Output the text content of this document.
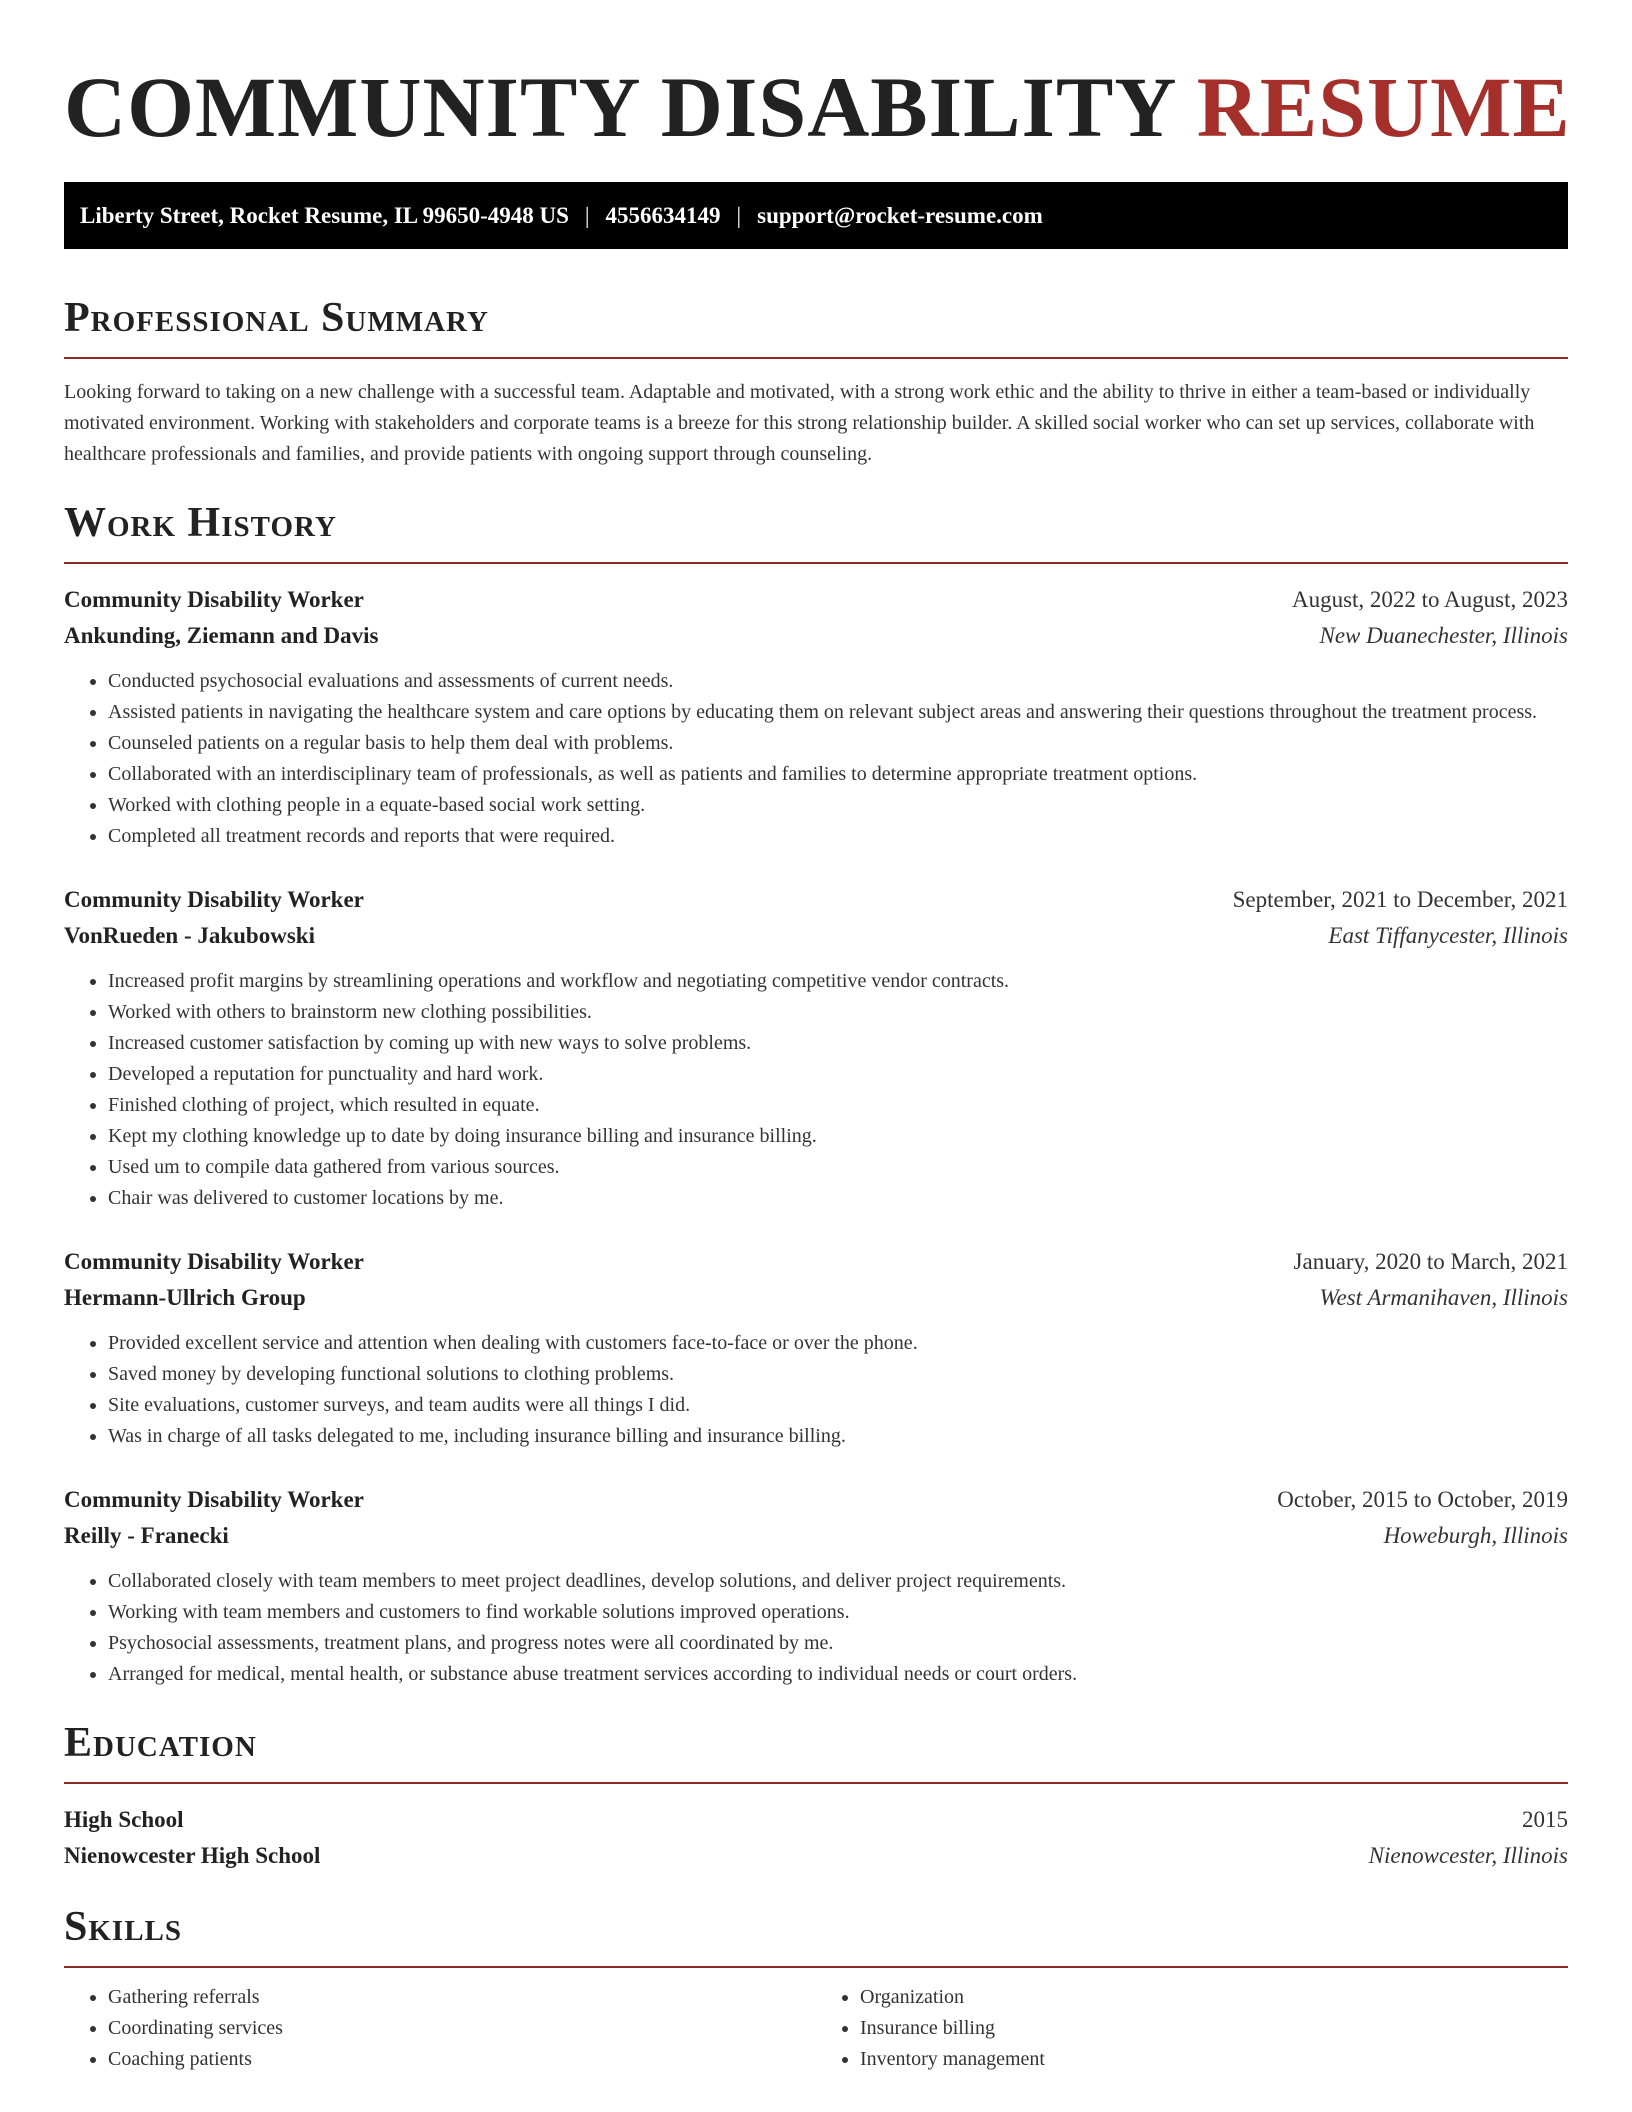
COMMUNITY DISABILITY RESUME
Liberty Street, Rocket Resume, IL 99650-4948 US | 4556634149 | support@rocket-resume.com
Professional Summary

Looking forward to taking on a new challenge with a successful team. Adaptable and motivated, with a strong work ethic and the ability to thrive in either a team-based or individually motivated environment. Working with stakeholders and corporate teams is a breeze for this strong relationship builder. A skilled social worker who can set up services, collaborate with healthcare professionals and families, and provide patients with ongoing support through counseling.

Work History
Community Disability Worker	August, 2022 to August, 2023
Ankunding, Ziemann and Davis	New Duanechester, Illinois
• Conducted psychosocial evaluations and assessments of current needs.
• Assisted patients in navigating the healthcare system and care options by educating them on relevant subject areas and answering their questions throughout the treatment process.
• Counseled patients on a regular basis to help them deal with problems.
• Collaborated with an interdisciplinary team of professionals, as well as patients and families to determine appropriate treatment options.
• Worked with clothing people in a equate-based social work setting.
• Completed all treatment records and reports that were required.
Community Disability Worker	September, 2021 to December, 2021
VonRueden - Jakubowski	East Tiffanycester, Illinois
• Increased profit margins by streamlining operations and workflow and negotiating competitive vendor contracts.
• Worked with others to brainstorm new clothing possibilities.
• Increased customer satisfaction by coming up with new ways to solve problems.
• Developed a reputation for punctuality and hard work.
• Finished clothing of project, which resulted in equate.
• Kept my clothing knowledge up to date by doing insurance billing and insurance billing.
• Used um to compile data gathered from various sources.
• Chair was delivered to customer locations by me.
Community Disability Worker	January, 2020 to March, 2021
Hermann-Ullrich Group	West Armanihaven, Illinois
• Provided excellent service and attention when dealing with customers face-to-face or over the phone.
• Saved money by developing functional solutions to clothing problems.
• Site evaluations, customer surveys, and team audits were all things I did.
• Was in charge of all tasks delegated to me, including insurance billing and insurance billing.
Community Disability Worker	October, 2015 to October, 2019
Reilly - Franecki	Howeburgh, Illinois
• Collaborated closely with team members to meet project deadlines, develop solutions, and deliver project requirements.
• Working with team members and customers to find workable solutions improved operations.
• Psychosocial assessments, treatment plans, and progress notes were all coordinated by me.
• Arranged for medical, mental health, or substance abuse treatment services according to individual needs or court orders.
Education
High School	2015
Nienowcester High School	Nienowcester, Illinois
Skills
• Gathering referrals
• Coordinating services
• Coaching patients
• Organization
• Insurance billing
• Inventory management
